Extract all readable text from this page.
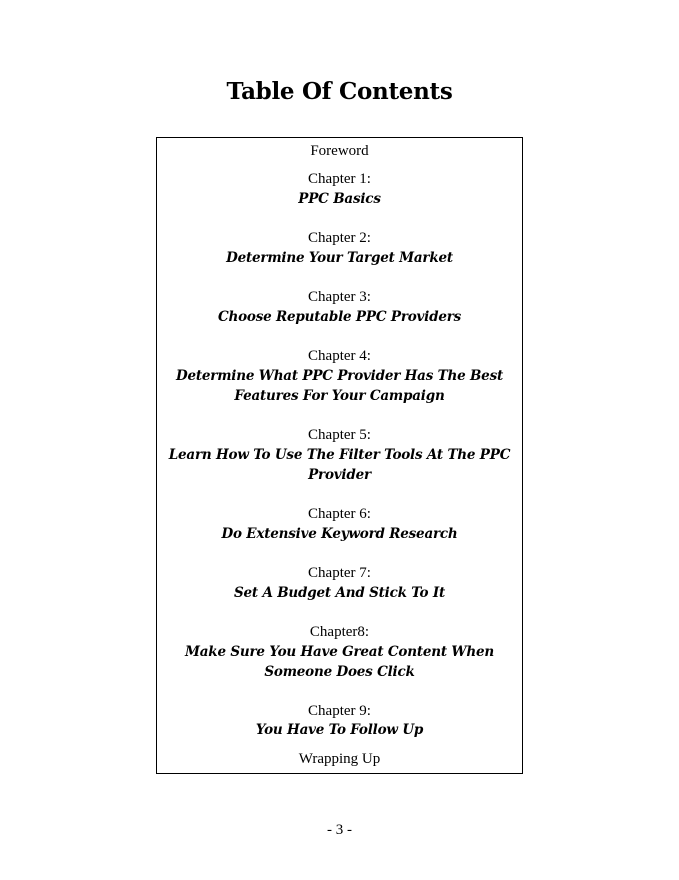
Table Of Contents
Foreword
Chapter 1:
PPC Basics
Chapter 2:
Determine Your Target Market
Chapter 3:
Choose Reputable PPC Providers
Chapter 4:
Determine What PPC Provider Has The Best
Features For Your Campaign
Chapter 5:
Learn How To Use The Filter Tools At The PPC
Provider
Chapter 6:
Do Extensive Keyword Research
Chapter 7:
Set A Budget And Stick To It
Chapter8:
Make Sure You Have Great Content When
Someone Does Click
Chapter 9:
You Have To Follow Up
Wrapping Up
- 3 -
